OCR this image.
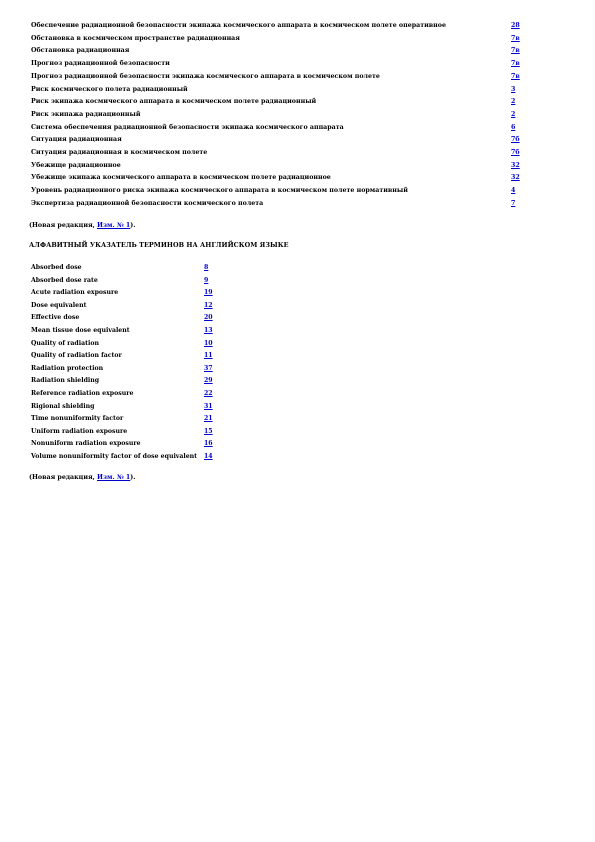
Обеспечение радиационной безопасности экипажа космического аппарата в космическом полете оперативное	28
Обстановка в космическом пространстве радиационная	7в
Обстановка радиационная	7в
Прогноз радиационной безопасности	7в
Прогноз радиационной безопасности экипажа космического аппарата в космическом полете	7в
Риск космического полета радиационный	3
Риск экипажа космического аппарата в космическом полете радиационный	2
Риск экипажа радиационный	2
Система обеспечения радиационной безопасности экипажа космического аппарата	6
Ситуация радиационная	7б
Ситуация радиационная в космическом полете	7б
Убежище радиационное	32
Убежище экипажа космического аппарата в космическом полете радиационное	32
Уровень радиационного риска экипажа космического аппарата в космическом полете нормативный	4
Экспертиза радиационной безопасности космического полета	7
(Новая редакция, Изм. № 1).
АЛФАВИТНЫЙ УКАЗАТЕЛЬ ТЕРМИНОВ НА АНГЛИЙСКОМ ЯЗЫКЕ
Absorbed dose	8
Absorbed dose rate	9
Acute radiation exposure	19
Dose equivalent	12
Effective dose	20
Mean tissue dose equivalent	13
Quality of radiation	10
Quality of radiation factor	11
Radiation protection	37
Radiation shielding	29
Reference radiation exposure	22
Rigional shielding	31
Time nonuniformity factor	21
Uniform radiation exposure	15
Nonuniform radiation exposure	16
Volume nonuniformity factor of dose equivalent	14
(Новая редакция, Изм. № 1).
